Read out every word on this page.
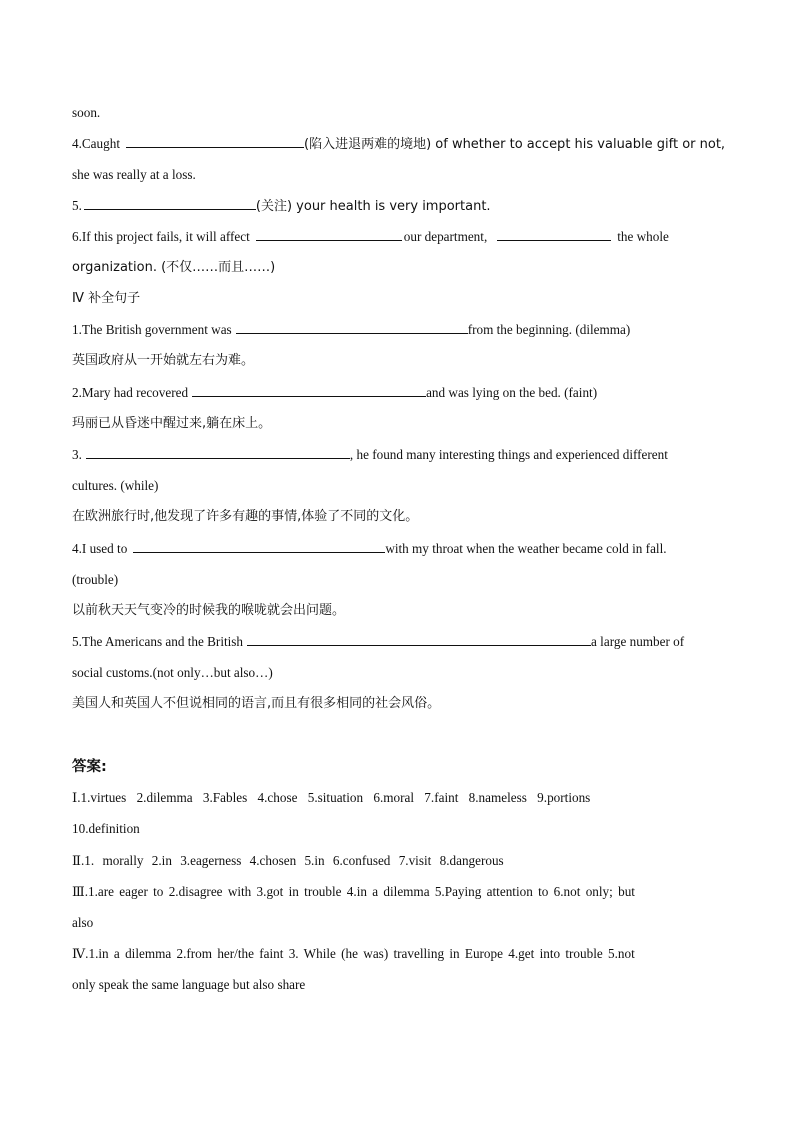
soon.
4.Caught	(陷入进退两难的境地) of whether to accept his valuable gift or not,
she was really at a loss.
5.	(关注) your health is very important.
6.If this project fails, it will affect	our department,	the whole
organization. (不仅……而且……)
Ⅳ 补全句子
1.The British government was	from the beginning. (dilemma)
英国政府从一开始就左右为难。
2.Mary had recovered	and was lying on the bed. (faint)
玛丽已从昏迷中醒过来,躺在床上。
3.	, he found many interesting things and experienced different
cultures. (while)
在欧洲旅行时,他发现了许多有趣的事情,体验了不同的文化。
4.I used to	with my throat when the weather became cold in fall.
(trouble)
以前秋天天气变冷的时候我的喉咙就会出问题。
5.The Americans and the British	a large number of
social customs.(not only…but also…)
美国人和英国人不但说相同的语言,而且有很多相同的社会风俗。
答案:
Ⅰ.1.virtues 2.dilemma 3.Fables 4.chose 5.situation 6.moral 7.faint 8.nameless 9.portions
10.definition
Ⅱ.1. morally 2.in 3.eagerness 4.chosen 5.in 6.confused 7.visit 8.dangerous
Ⅲ.1.are eager to 2.disagree with 3.got in trouble 4.in a dilemma 5.Paying attention to 6.not only; but
also
Ⅳ.1.in a dilemma 2.from her/the faint 3. While (he was) travelling in Europe 4.get into trouble 5.not
only speak the same language but also share
